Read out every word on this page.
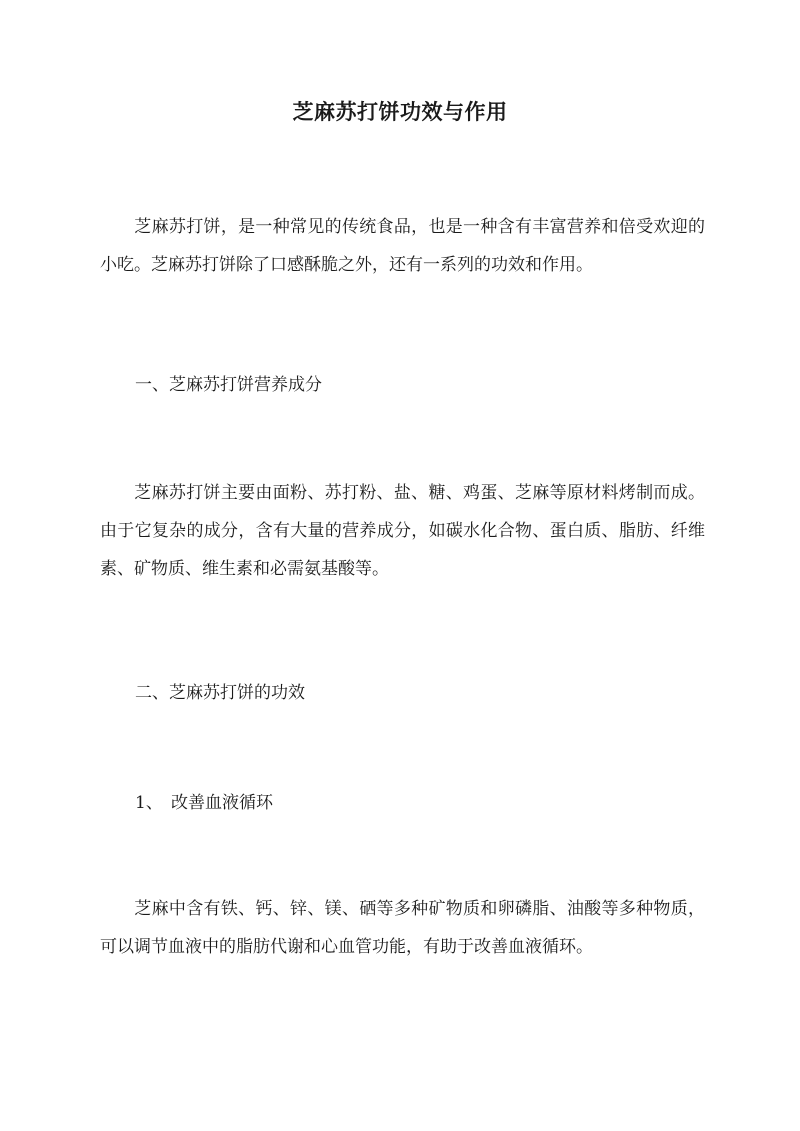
芝麻苏打饼功效与作用
芝麻苏打饼，是一种常见的传统食品，也是一种含有丰富营养和倍受欢迎的小吃。芝麻苏打饼除了口感酥脆之外，还有一系列的功效和作用。
一、芝麻苏打饼营养成分
芝麻苏打饼主要由面粉、苏打粉、盐、糖、鸡蛋、芝麻等原材料烤制而成。由于它复杂的成分，含有大量的营养成分，如碳水化合物、蛋白质、脂肪、纤维素、矿物质、维生素和必需氨基酸等。
二、芝麻苏打饼的功效
1、 改善血液循环
芝麻中含有铁、钙、锌、镁、硒等多种矿物质和卵磷脂、油酸等多种物质，可以调节血液中的脂肪代谢和心血管功能，有助于改善血液循环。
